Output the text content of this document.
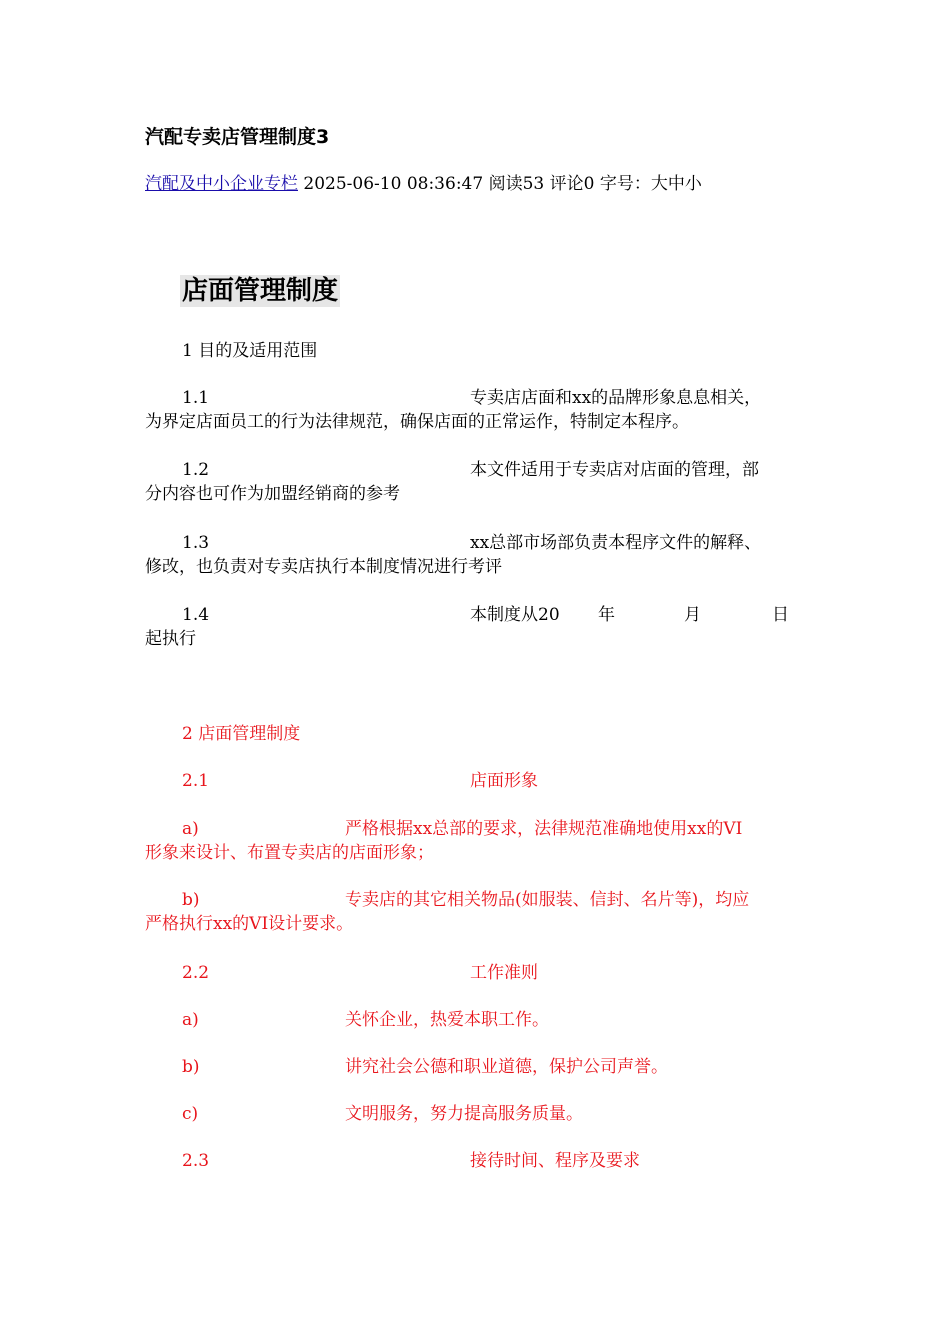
汽配专卖店管理制度3
汽配及中小企业专栏 2025-06-10 08:36:47 阅读53 评论0 字号：大中小
店面管理制度
1 目的及适用范围
1.1	专卖店店面和xx的品牌形象息息相关，
为界定店面员工的行为法律规范，确保店面的正常运作，特制定本程序。
1.2	本文件适用于专卖店对店面的管理，部
分内容也可作为加盟经销商的参考
1.3	xx总部市场部负责本程序文件的解释、
修改，也负责对专卖店执行本制度情况进行考评
1.4	本制度从20 年	月	日
起执行
2 店面管理制度
2.1	店面形象
a)	严格根据xx总部的要求，法律规范准确地使用xx的VI
形象来设计、布置专卖店的店面形象；
b)	专卖店的其它相关物品(如服装、信封、名片等)，均应
严格执行xx的VI设计要求。
2.2	工作准则
a)	关怀企业，热爱本职工作。
b)	讲究社会公德和职业道德，保护公司声誉。
c)	文明服务，努力提高服务质量。
2.3	接待时间、程序及要求
